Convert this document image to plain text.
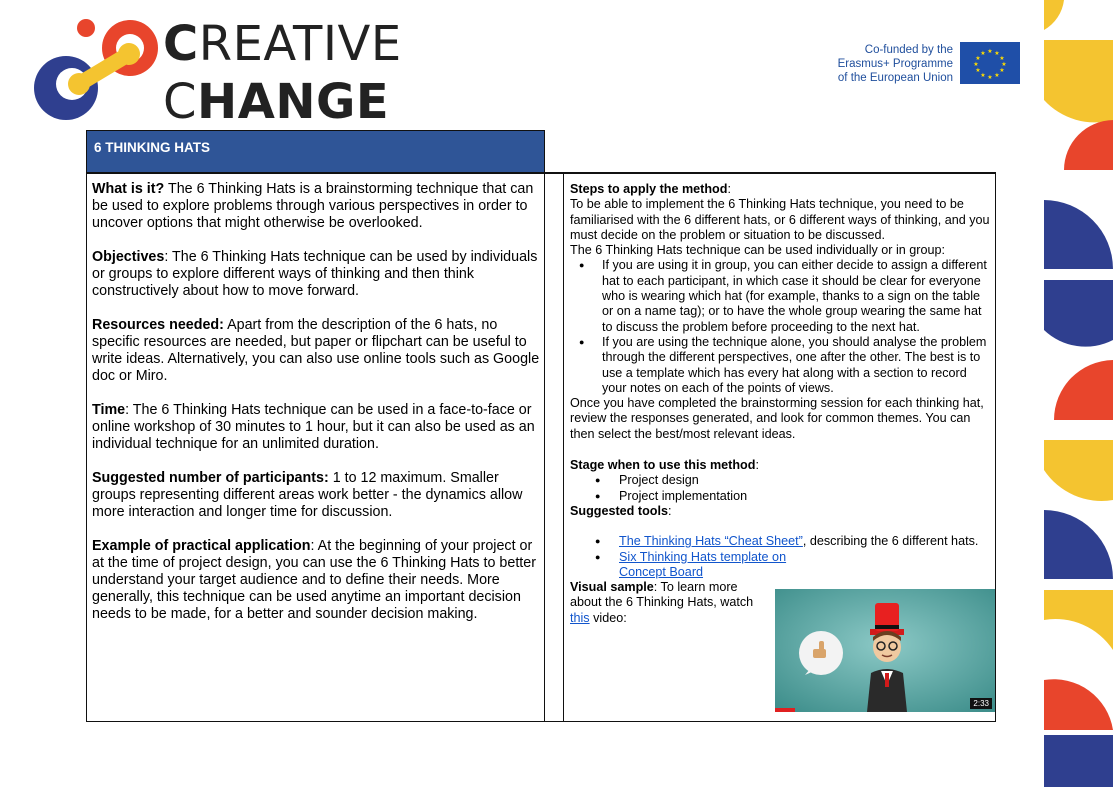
CREATIVE
CHANGE
Co-funded by the
Erasmus+ Programme
of the European Union
★ ★
★
★
★
★
★
★
★
★
★
★
6 THINKING HATS

What is it? The 6 Thinking Hats is a brainstorming technique that can be used to explore problems through various perspectives in order to uncover options that might otherwise be overlooked.

Objectives: The 6 Thinking Hats technique can be used by individuals or groups to explore different ways of thinking and then think constructively about how to move forward.

Resources needed: Apart from the description of the 6 hats, no specific resources are needed, but paper or flipchart can be useful to write ideas. Alternatively, you can also use online tools such as Google doc or Miro.

Time: The 6 Thinking Hats technique can be used in a face-to-face or online workshop of 30 minutes to 1 hour, but it can also be used as an individual technique for an unlimited duration.

Suggested number of participants: 1 to 12 maximum. Smaller groups representing different areas work better - the dynamics allow more interaction and longer time for discussion.

Example of practical application: At the beginning of your project or at the time of project design, you can use the 6 Thinking Hats to better understand your target audience and to define their needs. More generally, this technique can be used anytime an important decision needs to be made, for a better and sounder decision making.

Steps to apply the method:

To be able to implement the 6 Thinking Hats technique, you need to be familiarised with the 6 different hats, or 6 different ways of thinking, and you must decide on the problem or situation to be discussed.

The 6 Thinking Hats technique can be used individually or in group:

● If you are using it in group, you can either decide to assign a different hat to each participant, in which case it should be clear for everyone who is wearing which hat (for example, thanks to a sign on the table or on a name tag); or to have the whole group wearing the same hat to discuss the problem before proceeding to the next hat.
● If you are using the technique alone, you should analyse the problem through the different perspectives, one after the other. The best is to use a template which has every hat along with a section to record your notes on each of the points of views.

Once you have completed the brainstorming session for each thinking hat, review the responses generated, and look for common themes. You can then select the best/most relevant ideas.

Stage when to use this method:

● Project design
● Project implementation

Suggested tools:

● The Thinking Hats “Cheat Sheet”, describing the 6 different hats.
● Six Thinking Hats template on Concept Board

Visual sample: To learn more about the 6 Thinking Hats, watch this video:

2:33
